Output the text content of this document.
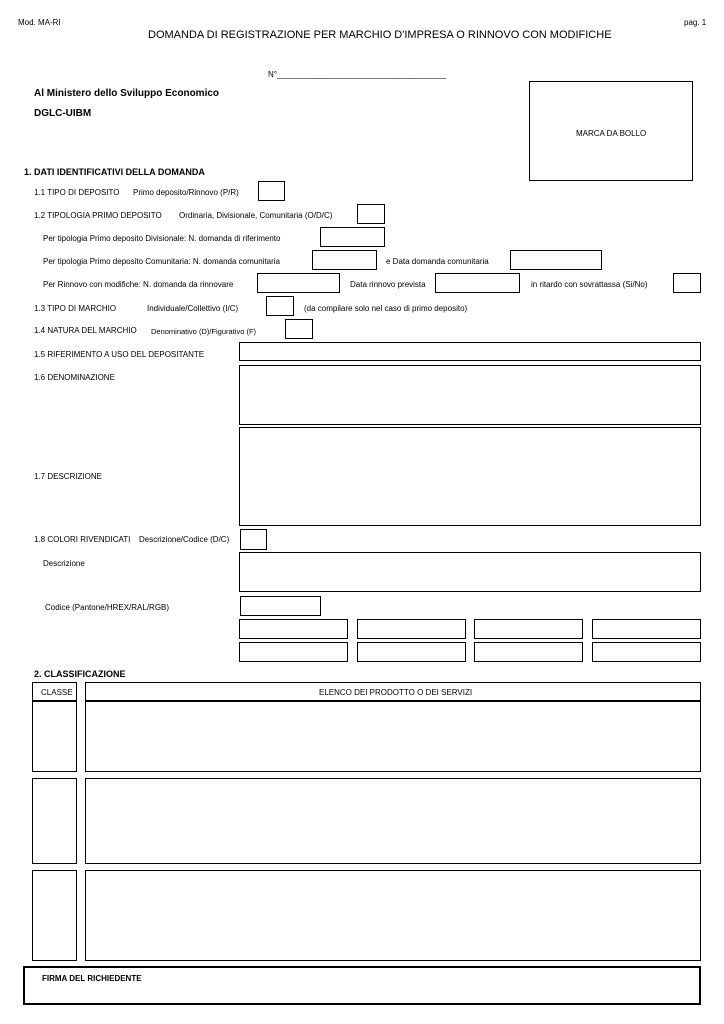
Mod. MA-RI	pag. 1
DOMANDA DI REGISTRAZIONE PER MARCHIO D'IMPRESA O RINNOVO CON MODIFICHE
N°______________________________________
Al Ministero dello Sviluppo Economico
DGLC-UIBM
MARCA DA BOLLO
1. DATI IDENTIFICATIVI DELLA DOMANDA
1.1 TIPO DI DEPOSITO Primo deposito/Rinnovo (P/R)
1.2 TIPOLOGIA PRIMO DEPOSITO Ordinaria, Divisionale, Comunitaria (O/D/C)
Per tipologia Primo deposito Divisionale: N. domanda di riferimento
Per tipologia Primo deposito Comunitaria: N. domanda comunitaria	e Data domanda comunitaria
Per Rinnovo con modifiche: N. domanda da rinnovare	Data rinnovo prevista	in ritardo con sovrattassa (Si/No)
1.3 TIPO DI MARCHIO	Individuale/Collettivo (I/C)	(da compilare solo nel caso di primo deposito)
1.4 NATURA DEL MARCHIO Denominativo (D)/Figurativo (F)
1.5 RIFERIMENTO A USO DEL DEPOSITANTE
1.6 DENOMINAZIONE
1.7 DESCRIZIONE
1.8 COLORI RIVENDICATI Descrizione/Codice (D/C)
Descrizione
Codice (Pantone/HREX/RAL/RGB)
2. CLASSIFICAZIONE
CLASSE	ELENCO DEI PRODOTTO O DEI SERVIZI
FIRMA DEL RICHIEDENTE
